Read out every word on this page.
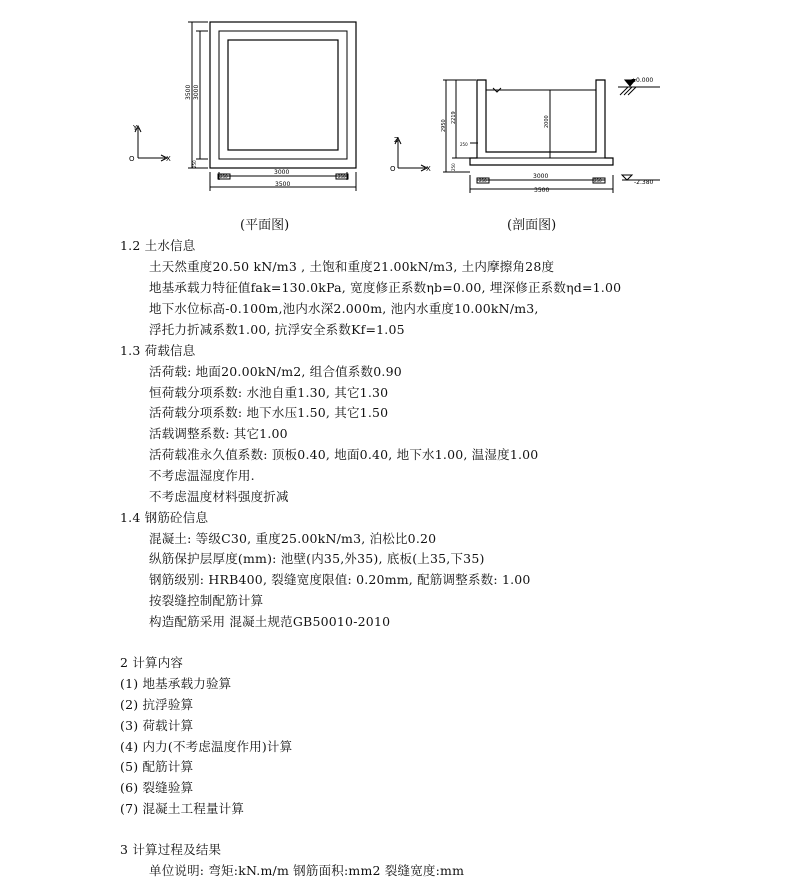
3000
3500
250	250
3500 3000
250
Y
X
O
3000
3500
250	250
2950
2219	2000
250
250
±0.000
-2.380
Z
X
O
(平面图)	(剖面图)
1.2 土水信息
土天然重度20.50 kN/m3 , 土饱和重度21.00kN/m3, 土内摩擦角28度
地基承载力特征值fak=130.0kPa, 宽度修正系数ηb=0.00, 埋深修正系数ηd=1.00
地下水位标高-0.100m,池内水深2.000m, 池内水重度10.00kN/m3,
浮托力折减系数1.00, 抗浮安全系数Kf=1.05
1.3 荷载信息
活荷载: 地面20.00kN/m2, 组合值系数0.90
恒荷载分项系数: 水池自重1.30, 其它1.30
活荷载分项系数: 地下水压1.50, 其它1.50
活载调整系数: 其它1.00
活荷载准永久值系数: 顶板0.40, 地面0.40, 地下水1.00, 温湿度1.00
不考虑温湿度作用.
不考虑温度材料强度折减
1.4 钢筋砼信息
混凝土: 等级C30, 重度25.00kN/m3, 泊松比0.20
纵筋保护层厚度(mm): 池壁(内35,外35), 底板(上35,下35)
钢筋级别: HRB400, 裂缝宽度限值: 0.20mm, 配筋调整系数: 1.00
按裂缝控制配筋计算
构造配筋采用 混凝土规范GB50010-2010
2 计算内容
(1) 地基承载力验算
(2) 抗浮验算
(3) 荷载计算
(4) 内力(不考虑温度作用)计算
(5) 配筋计算
(6) 裂缝验算
(7) 混凝土工程量计算
3 计算过程及结果
单位说明: 弯矩:kN.m/m 钢筋面积:mm2 裂缝宽度:mm
